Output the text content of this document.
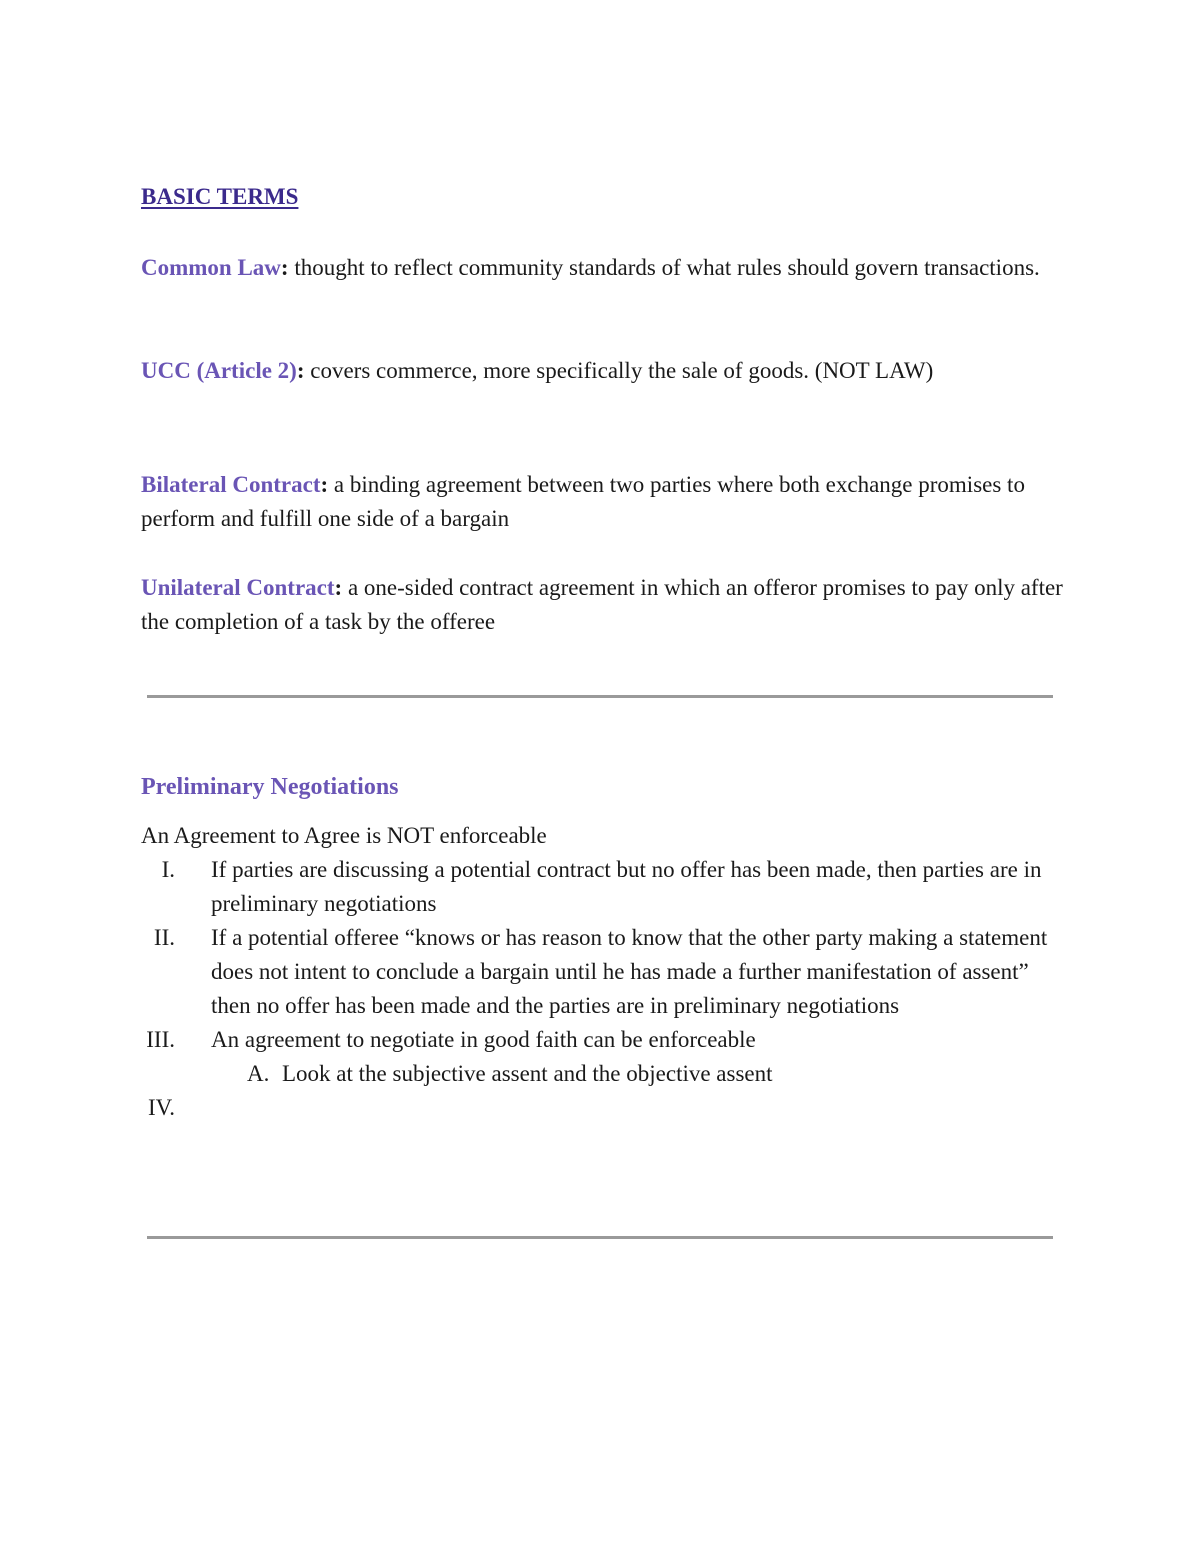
BASIC TERMS
Common Law: thought to reflect community standards of what rules should govern transactions.
UCC (Article 2): covers commerce, more specifically the sale of goods. (NOT LAW)
Bilateral Contract: a binding agreement between two parties where both exchange promises to perform and fulfill one side of a bargain
Unilateral Contract: a one-sided contract agreement in which an offeror promises to pay only after the completion of a task by the offeree
Preliminary Negotiations
An Agreement to Agree is NOT enforceable
I. If parties are discussing a potential contract but no offer has been made, then parties are in preliminary negotiations
II. If a potential offeree “knows or has reason to know that the other party making a statement does not intent to conclude a bargain until he has made a further manifestation of assent” then no offer has been made and the parties are in preliminary negotiations
III. An agreement to negotiate in good faith can be enforceable
A. Look at the subjective assent and the objective assent
IV.
